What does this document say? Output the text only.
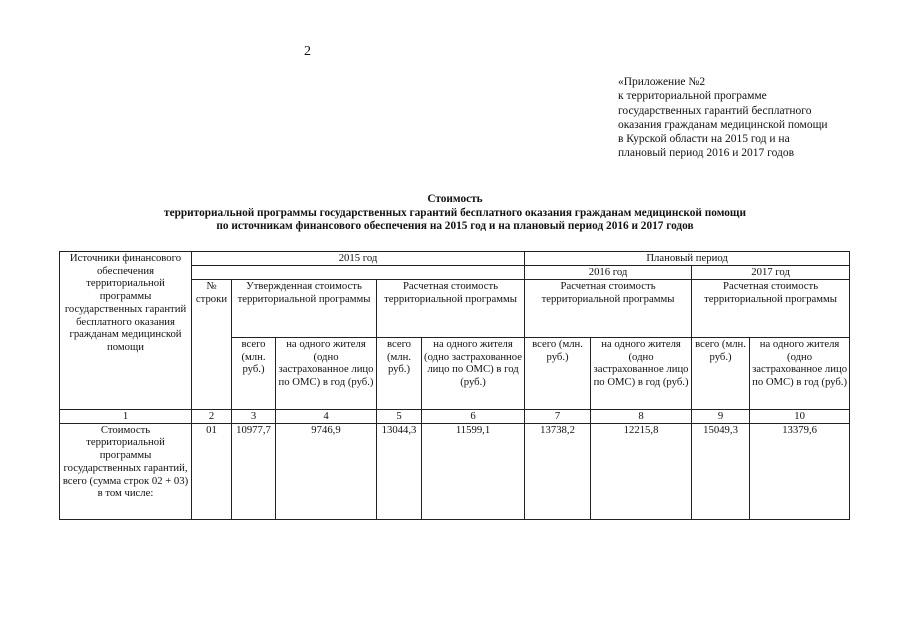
2
«Приложение №2
к территориальной программе
государственных гарантий бесплатного
оказания гражданам медицинской помощи
в Курской области на 2015 год и на
плановый период 2016 и 2017 годов
Стоимость
территориальной программы государственных гарантий бесплатного оказания гражданам медицинской помощи
по источникам финансового обеспечения на 2015 год и на плановый период 2016 и 2017 годов
Источники финансового обеспечения территориальной программы государственных гарантий бесплатного оказания гражданам медицинской помощи	2015 год					Плановый период			
						2016 год		2017 год	
	№ строки	Утвержденная стоимость территориальной программы		Расчетная стоимость территориальной программы		Расчетная стоимость территориальной программы		Расчетная стоимость территориальной программы	
		всего (млн. руб.)	на одного жителя (одно застрахованное лицо по ОМС) в год (руб.)	всего (млн. руб.)	на одного жителя (одно застрахованное лицо по ОМС) в год (руб.)	всего (млн. руб.)	на одного жителя (одно застрахованное лицо по ОМС) в год (руб.)	всего (млн. руб.)	на одного жителя (одно застрахованное лицо по ОМС) в год (руб.)
1	2	3	4	5	6	7	8	9	10
Стоимость территориальной программы государственных гарантий, всего (сумма строк 02 + 03) в том числе:	01	10977,7	9746,9	13044,3	11599,1	13738,2	12215,8	15049,3	13379,6
